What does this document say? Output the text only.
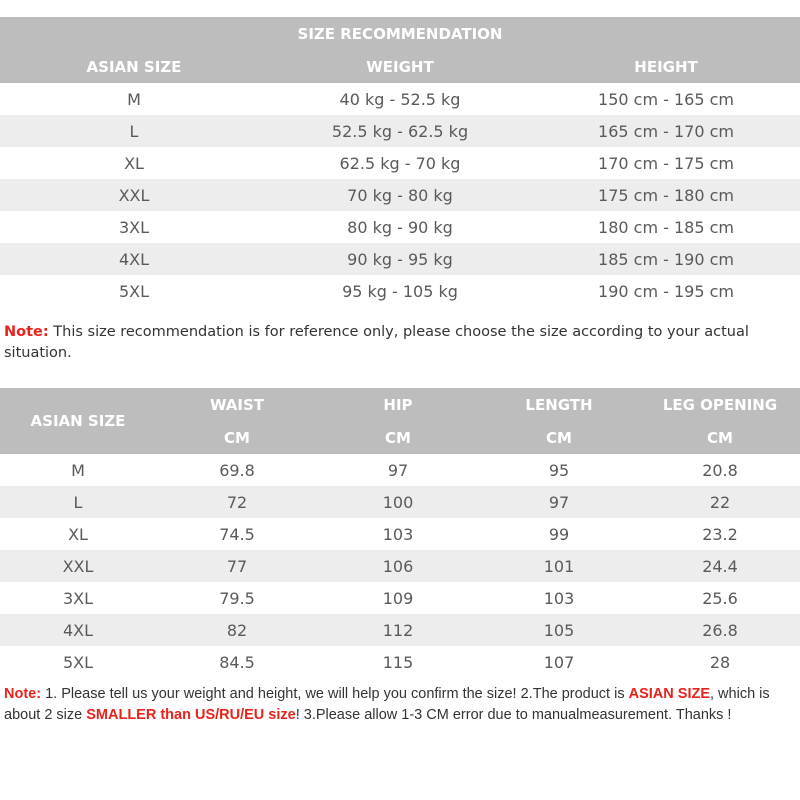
SIZE RECOMMENDATION		
ASIAN SIZE	WEIGHT	HEIGHT
M	40 kg - 52.5 kg	150 cm - 165 cm
L	52.5 kg - 62.5 kg	165 cm - 170 cm
XL	62.5 kg - 70 kg	170 cm - 175 cm
XXL	70 kg - 80 kg	175 cm - 180 cm
3XL	80 kg - 90 kg	180 cm - 185 cm
4XL	90 kg - 95 kg	185 cm - 190 cm
5XL	95 kg - 105 kg	190 cm - 195 cm
Note: This size recommendation is for reference only, please choose the size according to your actual situation.
ASIAN SIZE	WAIST	HIP	LENGTH	LEG OPENING
	CM	CM	CM	CM
M	69.8	97	95	20.8
L	72	100	97	22
XL	74.5	103	99	23.2
XXL	77	106	101	24.4
3XL	79.5	109	103	25.6
4XL	82	112	105	26.8
5XL	84.5	115	107	28
Note: 1. Please tell us your weight and height, we will help you confirm the size! 2.The product is ASIAN SIZE, which is about 2 size SMALLER than US/RU/EU size! 3.Please allow 1-3 CM error due to manualmeasurement. Thanks !
